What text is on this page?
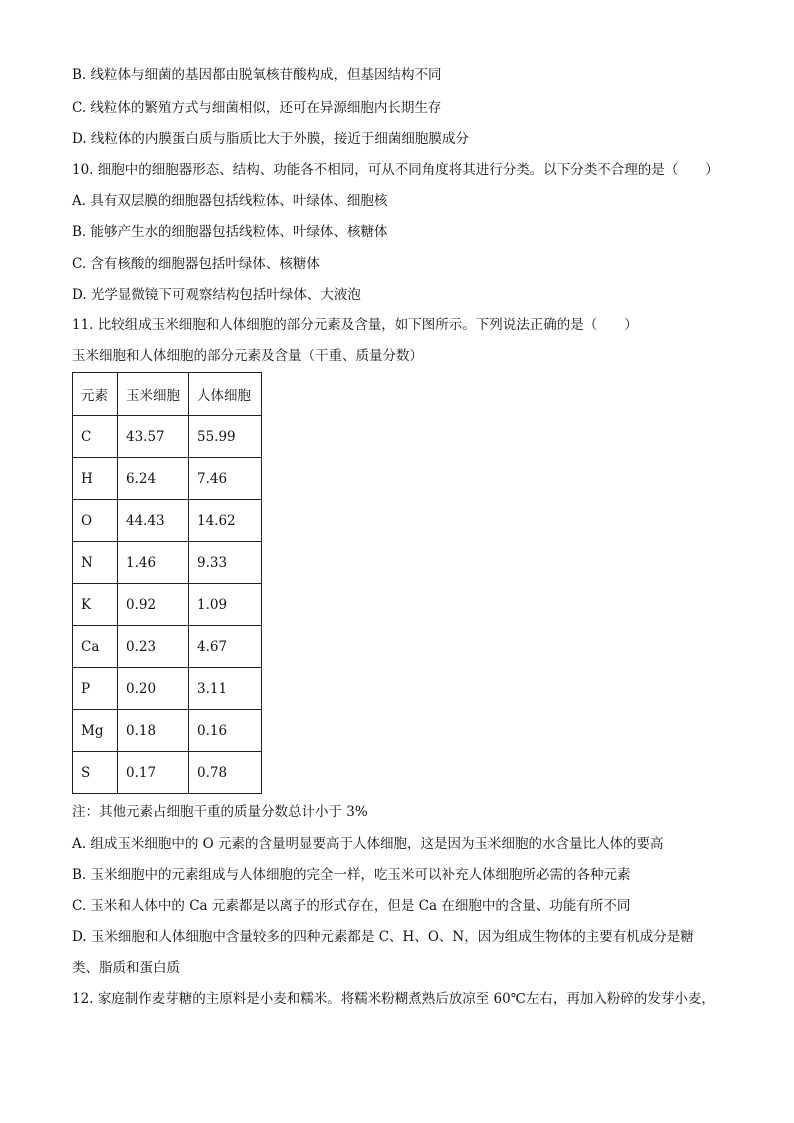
B. 线粒体与细菌的基因都由脱氧核苷酸构成，但基因结构不同
C. 线粒体的繁殖方式与细菌相似，还可在异源细胞内长期生存
D. 线粒体的内膜蛋白质与脂质比大于外膜，接近于细菌细胞膜成分
10. 细胞中的细胞器形态、结构、功能各不相同，可从不同角度将其进行分类。以下分类不合理的是（　　）
A. 具有双层膜的细胞器包括线粒体、叶绿体、细胞核
B. 能够产生水的细胞器包括线粒体、叶绿体、核糖体
C. 含有核酸的细胞器包括叶绿体、核糖体
D. 光学显微镜下可观察结构包括叶绿体、大液泡
11. 比较组成玉米细胞和人体细胞的部分元素及含量，如下图所示。下列说法正确的是（　　）
玉米细胞和人体细胞的部分元素及含量（干重、质量分数）
元素	玉米细胞	人体细胞
C	43.57	55.99
H	6.24	7.46
O	44.43	14.62
N	1.46	9.33
K	0.92	1.09
Ca	0.23	4.67
P	0.20	3.11
Mg	0.18	0.16
S	0.17	0.78
注：其他元素占细胞干重的质量分数总计小于 3%
A. 组成玉米细胞中的 O 元素的含量明显要高于人体细胞，这是因为玉米细胞的水含量比人体的要高
B. 玉米细胞中的元素组成与人体细胞的完全一样，吃玉米可以补充人体细胞所必需的各种元素
C. 玉米和人体中的 Ca 元素都是以离子的形式存在，但是 Ca 在细胞中的含量、功能有所不同
D. 玉米细胞和人体细胞中含量较多的四种元素都是 C、H、O、N，因为组成生物体的主要有机成分是糖
类、脂质和蛋白质
12. 家庭制作麦芽糖的主原料是小麦和糯米。将糯米粉糊煮熟后放凉至 60℃左右，再加入粉碎的发芽小麦，
